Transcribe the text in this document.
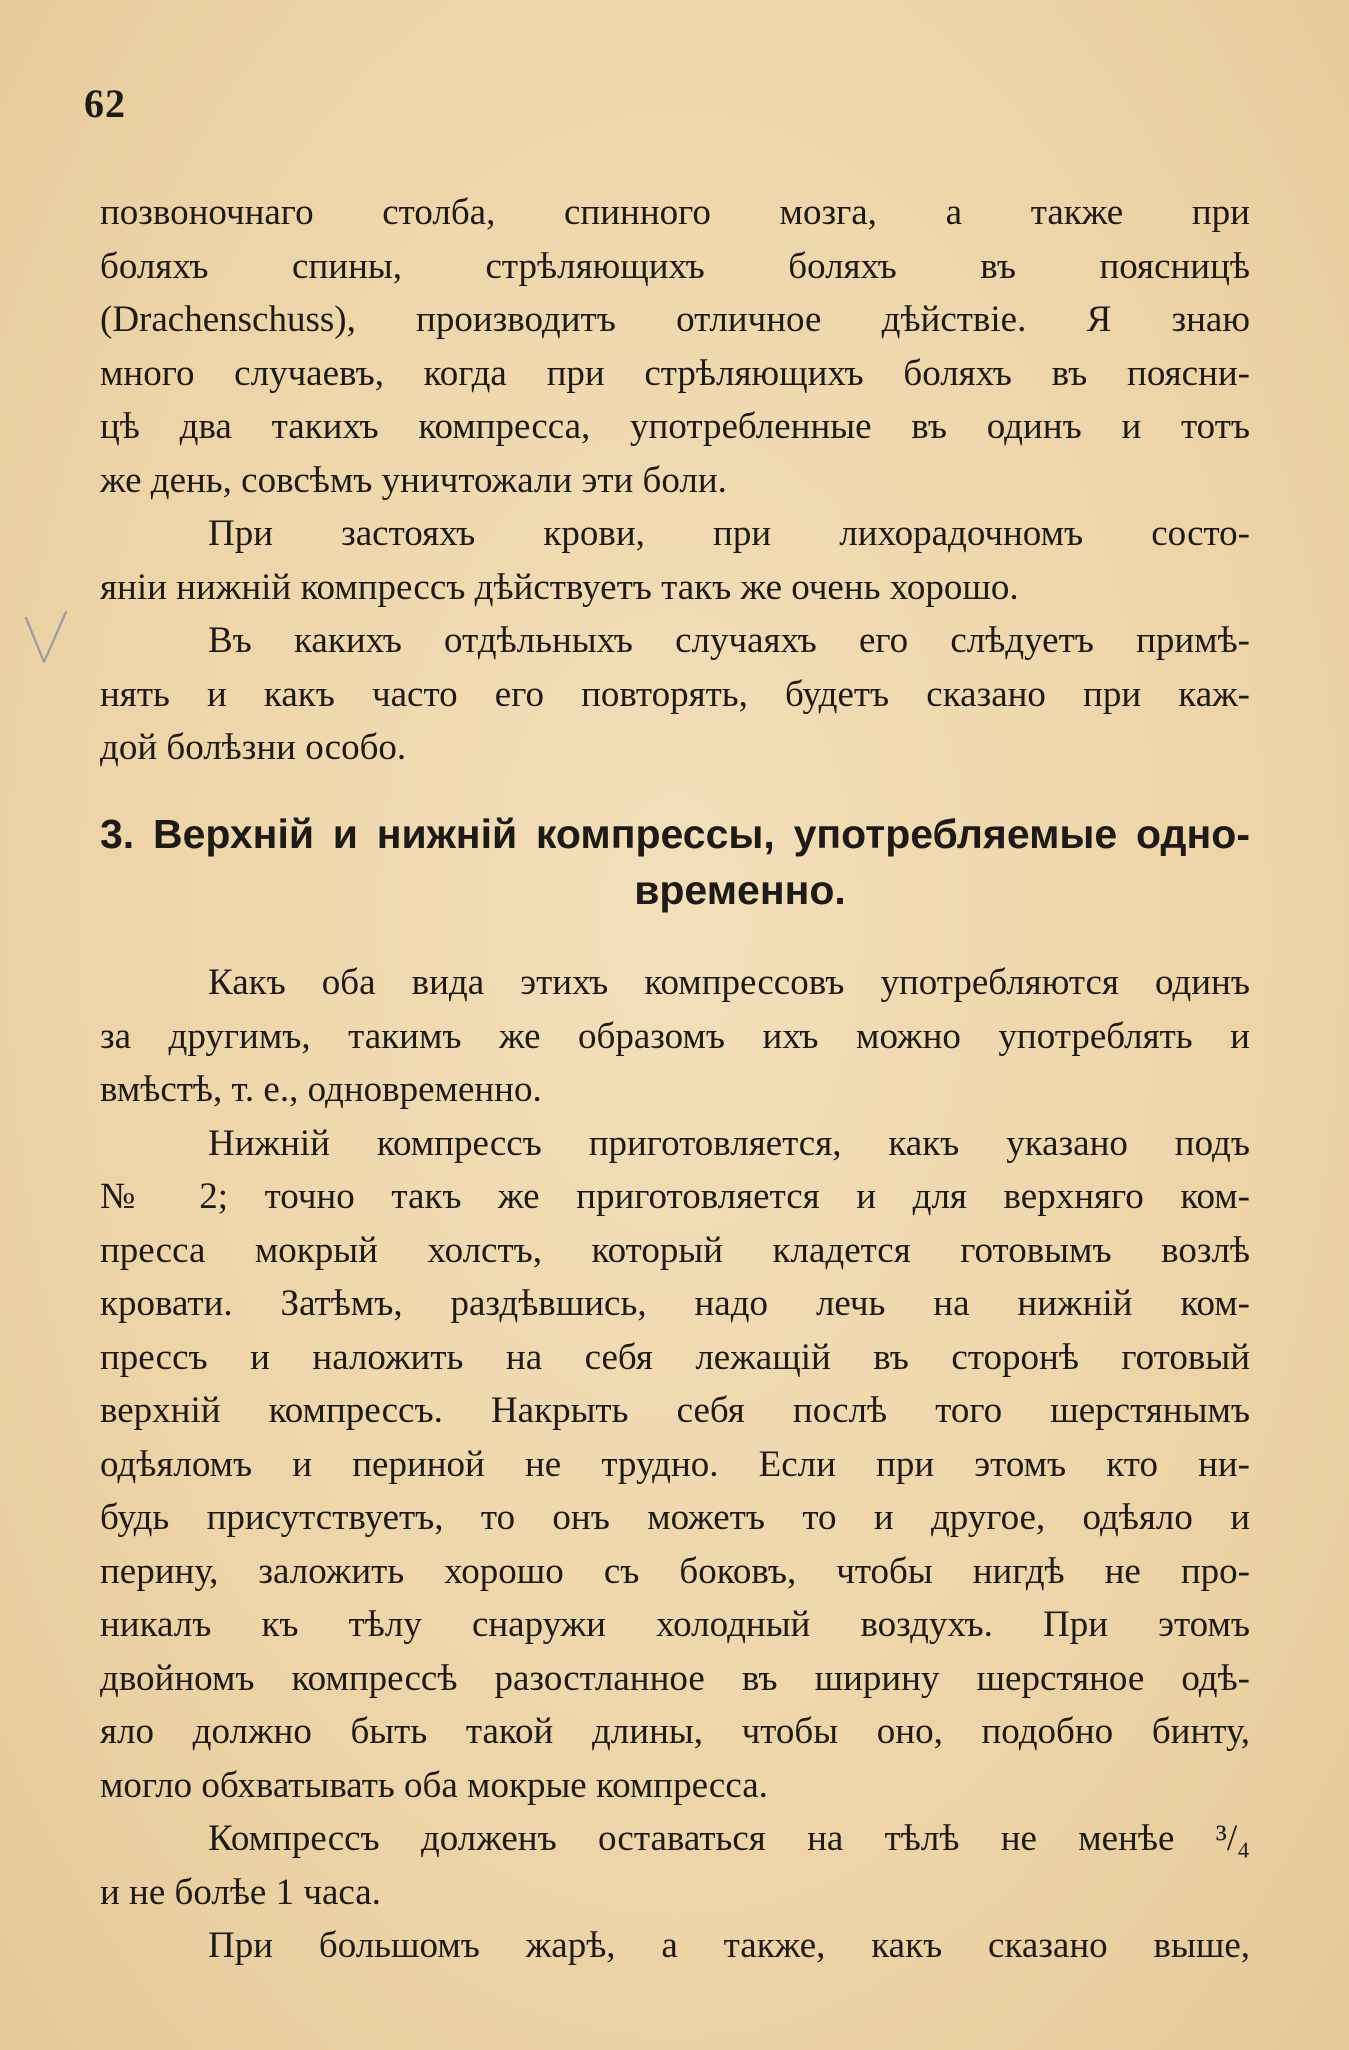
62
позвоночнаго столба, спинного мозга, а также при
боляхъ спины, стрѣляющихъ боляхъ въ поясницѣ
(Drachenschuss), производитъ отличное дѣйствіе. Я знаю
много случаевъ, когда при стрѣляющихъ боляхъ въ поясни-
цѣ два такихъ компресса, употребленные въ одинъ и тотъ
же день, совсѣмъ уничтожали эти боли.
При застояхъ крови, при лихорадочномъ состо-
яніи нижній компрессъ дѣйствуетъ такъ же очень хорошо.
Въ какихъ отдѣльныхъ случаяхъ его слѣдуетъ примѣ-
нять и какъ часто его повторять, будетъ сказано при каж-
дой болѣзни особо.
3. Верхній и нижній компрессы, употребляемые одно-
временно.
Какъ оба вида этихъ компрессовъ употребляются одинъ
за другимъ, такимъ же образомъ ихъ можно употреблять и
вмѣстѣ, т. е., одновременно.
Нижній компрессъ приготовляется, какъ указано подъ
№ 2; точно такъ же приготовляется и для верхняго ком-
пресса мокрый холстъ, который кладется готовымъ возлѣ
кровати. Затѣмъ, раздѣвшись, надо лечь на нижній ком-
прессъ и наложить на себя лежащій въ сторонѣ готовый
верхній компрессъ. Накрыть себя послѣ того шерстянымъ
одѣяломъ и периной не трудно. Если при этомъ кто ни-
будь присутствуетъ, то онъ можетъ то и другое, одѣяло и
перину, заложить хорошо съ боковъ, чтобы нигдѣ не про-
никалъ къ тѣлу снаружи холодный воздухъ. При этомъ
двойномъ компрессѣ разостланное въ ширину шерстяное одѣ-
яло должно быть такой длины, чтобы оно, подобно бинту,
могло обхватывать оба мокрые компресса.
Компрессъ долженъ оставаться на тѣлѣ не менѣе ³/₄
и не болѣе 1 часа.
При большомъ жарѣ, а также, какъ сказано выше,
